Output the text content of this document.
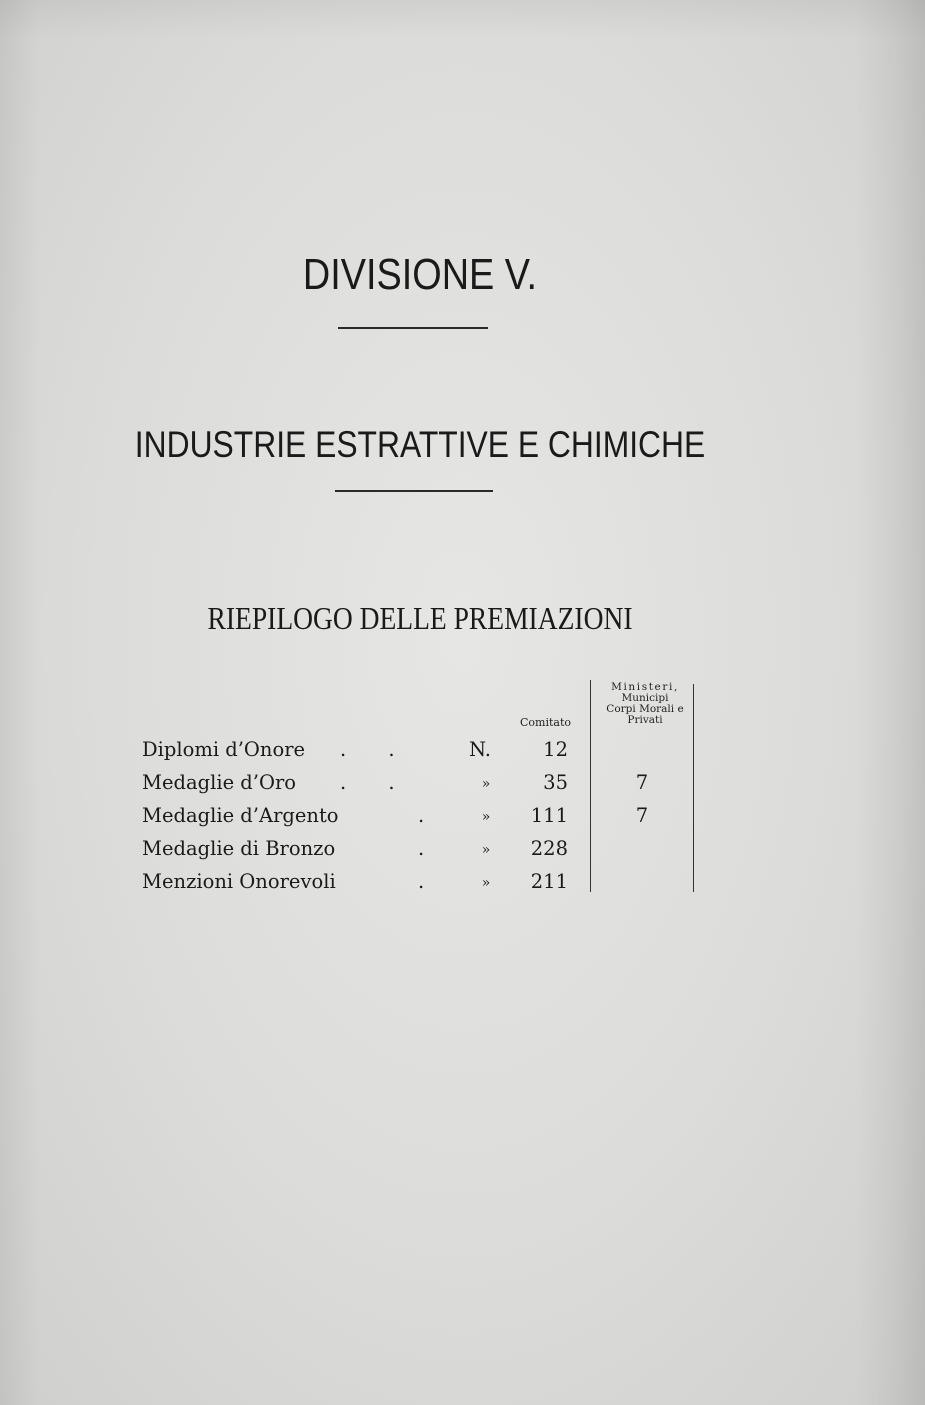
DIVISIONE V.
INDUSTRIE ESTRATTIVE E CHIMICHE
RIEPILOGO DELLE PREMIAZIONI
Comitato
Ministeri,
Municipi
Corpi Morali e
Privati
Diplomi d’Onore . .	N.	12
Medaglie d’Oro . .	»	35	7
Medaglie d’Argento	.	»	111	7
Medaglie di Bronzo	.	»	228
Menzioni Onorevoli	.	»	211
